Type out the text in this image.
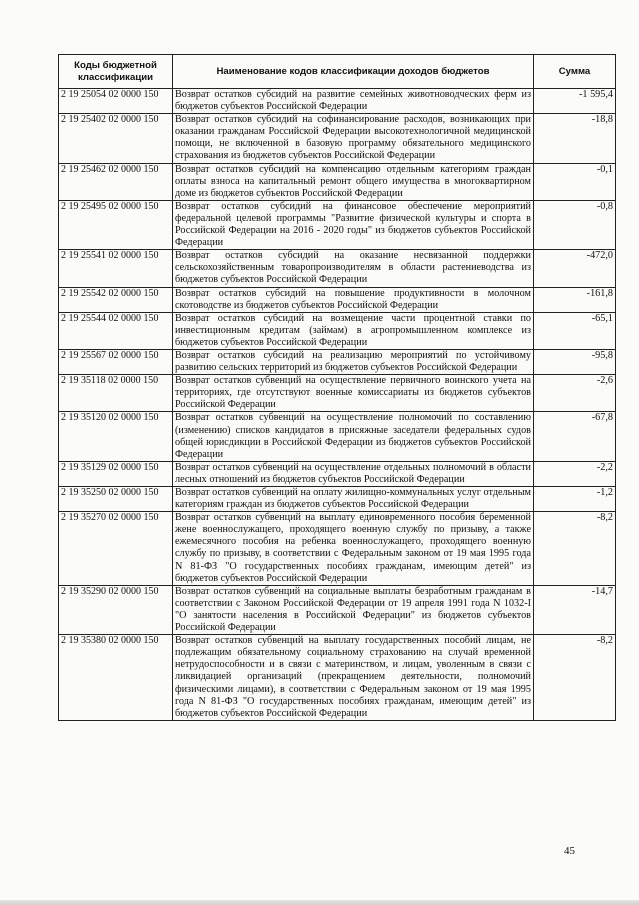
Коды бюджетной классификации	Наименование кодов классификации доходов бюджетов	Сумма
2 19 25054 02 0000 150	Возврат остатков субсидий на развитие семейных животноводческих ферм из бюджетов субъектов Российской Федерации	-1 595,4
2 19 25402 02 0000 150	Возврат остатков субсидий на софинансирование расходов, возникающих при оказании гражданам Российской Федерации высокотехнологичной медицинской помощи, не включенной в базовую программу обязательного медицинского страхования из бюджетов субъектов Российской Федерации	-18,8
2 19 25462 02 0000 150	Возврат остатков субсидий на компенсацию отдельным категориям граждан оплаты взноса на капитальный ремонт общего имущества в многоквартирном доме из бюджетов субъектов Российской Федерации	-0,1
2 19 25495 02 0000 150	Возврат остатков субсидий на финансовое обеспечение мероприятий федеральной целевой программы "Развитие физической культуры и спорта в Российской Федерации на 2016 - 2020 годы" из бюджетов субъектов Российской Федерации	-0,8
2 19 25541 02 0000 150	Возврат остатков субсидий на оказание несвязанной поддержки сельскохозяйственным товаропроизводителям в области растениеводства из бюджетов субъектов Российской Федерации	-472,0
2 19 25542 02 0000 150	Возврат остатков субсидий на повышение продуктивности в молочном скотоводстве из бюджетов субъектов Российской Федерации	-161,8
2 19 25544 02 0000 150	Возврат остатков субсидий на возмещение части процентной ставки по инвестиционным кредитам (займам) в агропромышленном комплексе из бюджетов субъектов Российской Федерации	-65,1
2 19 25567 02 0000 150	Возврат остатков субсидий на реализацию мероприятий по устойчивому развитию сельских территорий из бюджетов субъектов Российской Федерации	-95,8
2 19 35118 02 0000 150	Возврат остатков субвенций на осуществление первичного воинского учета на территориях, где отсутствуют военные комиссариаты из бюджетов субъектов Российской Федерации	-2,6
2 19 35120 02 0000 150	Возврат остатков субвенций на осуществление полномочий по составлению (изменению) списков кандидатов в присяжные заседатели федеральных судов общей юрисдикции в Российской Федерации из бюджетов субъектов Российской Федерации	-67,8
2 19 35129 02 0000 150	Возврат остатков субвенций на осуществление отдельных полномочий в области лесных отношений из бюджетов субъектов Российской Федерации	-2,2
2 19 35250 02 0000 150	Возврат остатков субвенций на оплату жилищно-коммунальных услуг отдельным категориям граждан из бюджетов субъектов Российской Федерации	-1,2
2 19 35270 02 0000 150	Возврат остатков субвенций на выплату единовременного пособия беременной жене военнослужащего, проходящего военную службу по призыву, а также ежемесячного пособия на ребенка военнослужащего, проходящего военную службу по призыву, в соответствии с Федеральным законом от 19 мая 1995 года N 81-ФЗ "О государственных пособиях гражданам, имеющим детей" из бюджетов субъектов Российской Федерации	-8,2
2 19 35290 02 0000 150	Возврат остатков субвенций на социальные выплаты безработным гражданам в соответствии с Законом Российской Федерации от 19 апреля 1991 года N 1032-I "О занятости населения в Российской Федерации" из бюджетов субъектов Российской Федерации	-14,7
2 19 35380 02 0000 150	Возврат остатков субвенций на выплату государственных пособий лицам, не подлежащим обязательному социальному страхованию на случай временной нетрудоспособности и в связи с материнством, и лицам, уволенным в связи с ликвидацией организаций (прекращением деятельности, полномочий физическими лицами), в соответствии с Федеральным законом от 19 мая 1995 года N 81-ФЗ "О государственных пособиях гражданам, имеющим детей" из бюджетов субъектов Российской Федерации	-8,2
45
